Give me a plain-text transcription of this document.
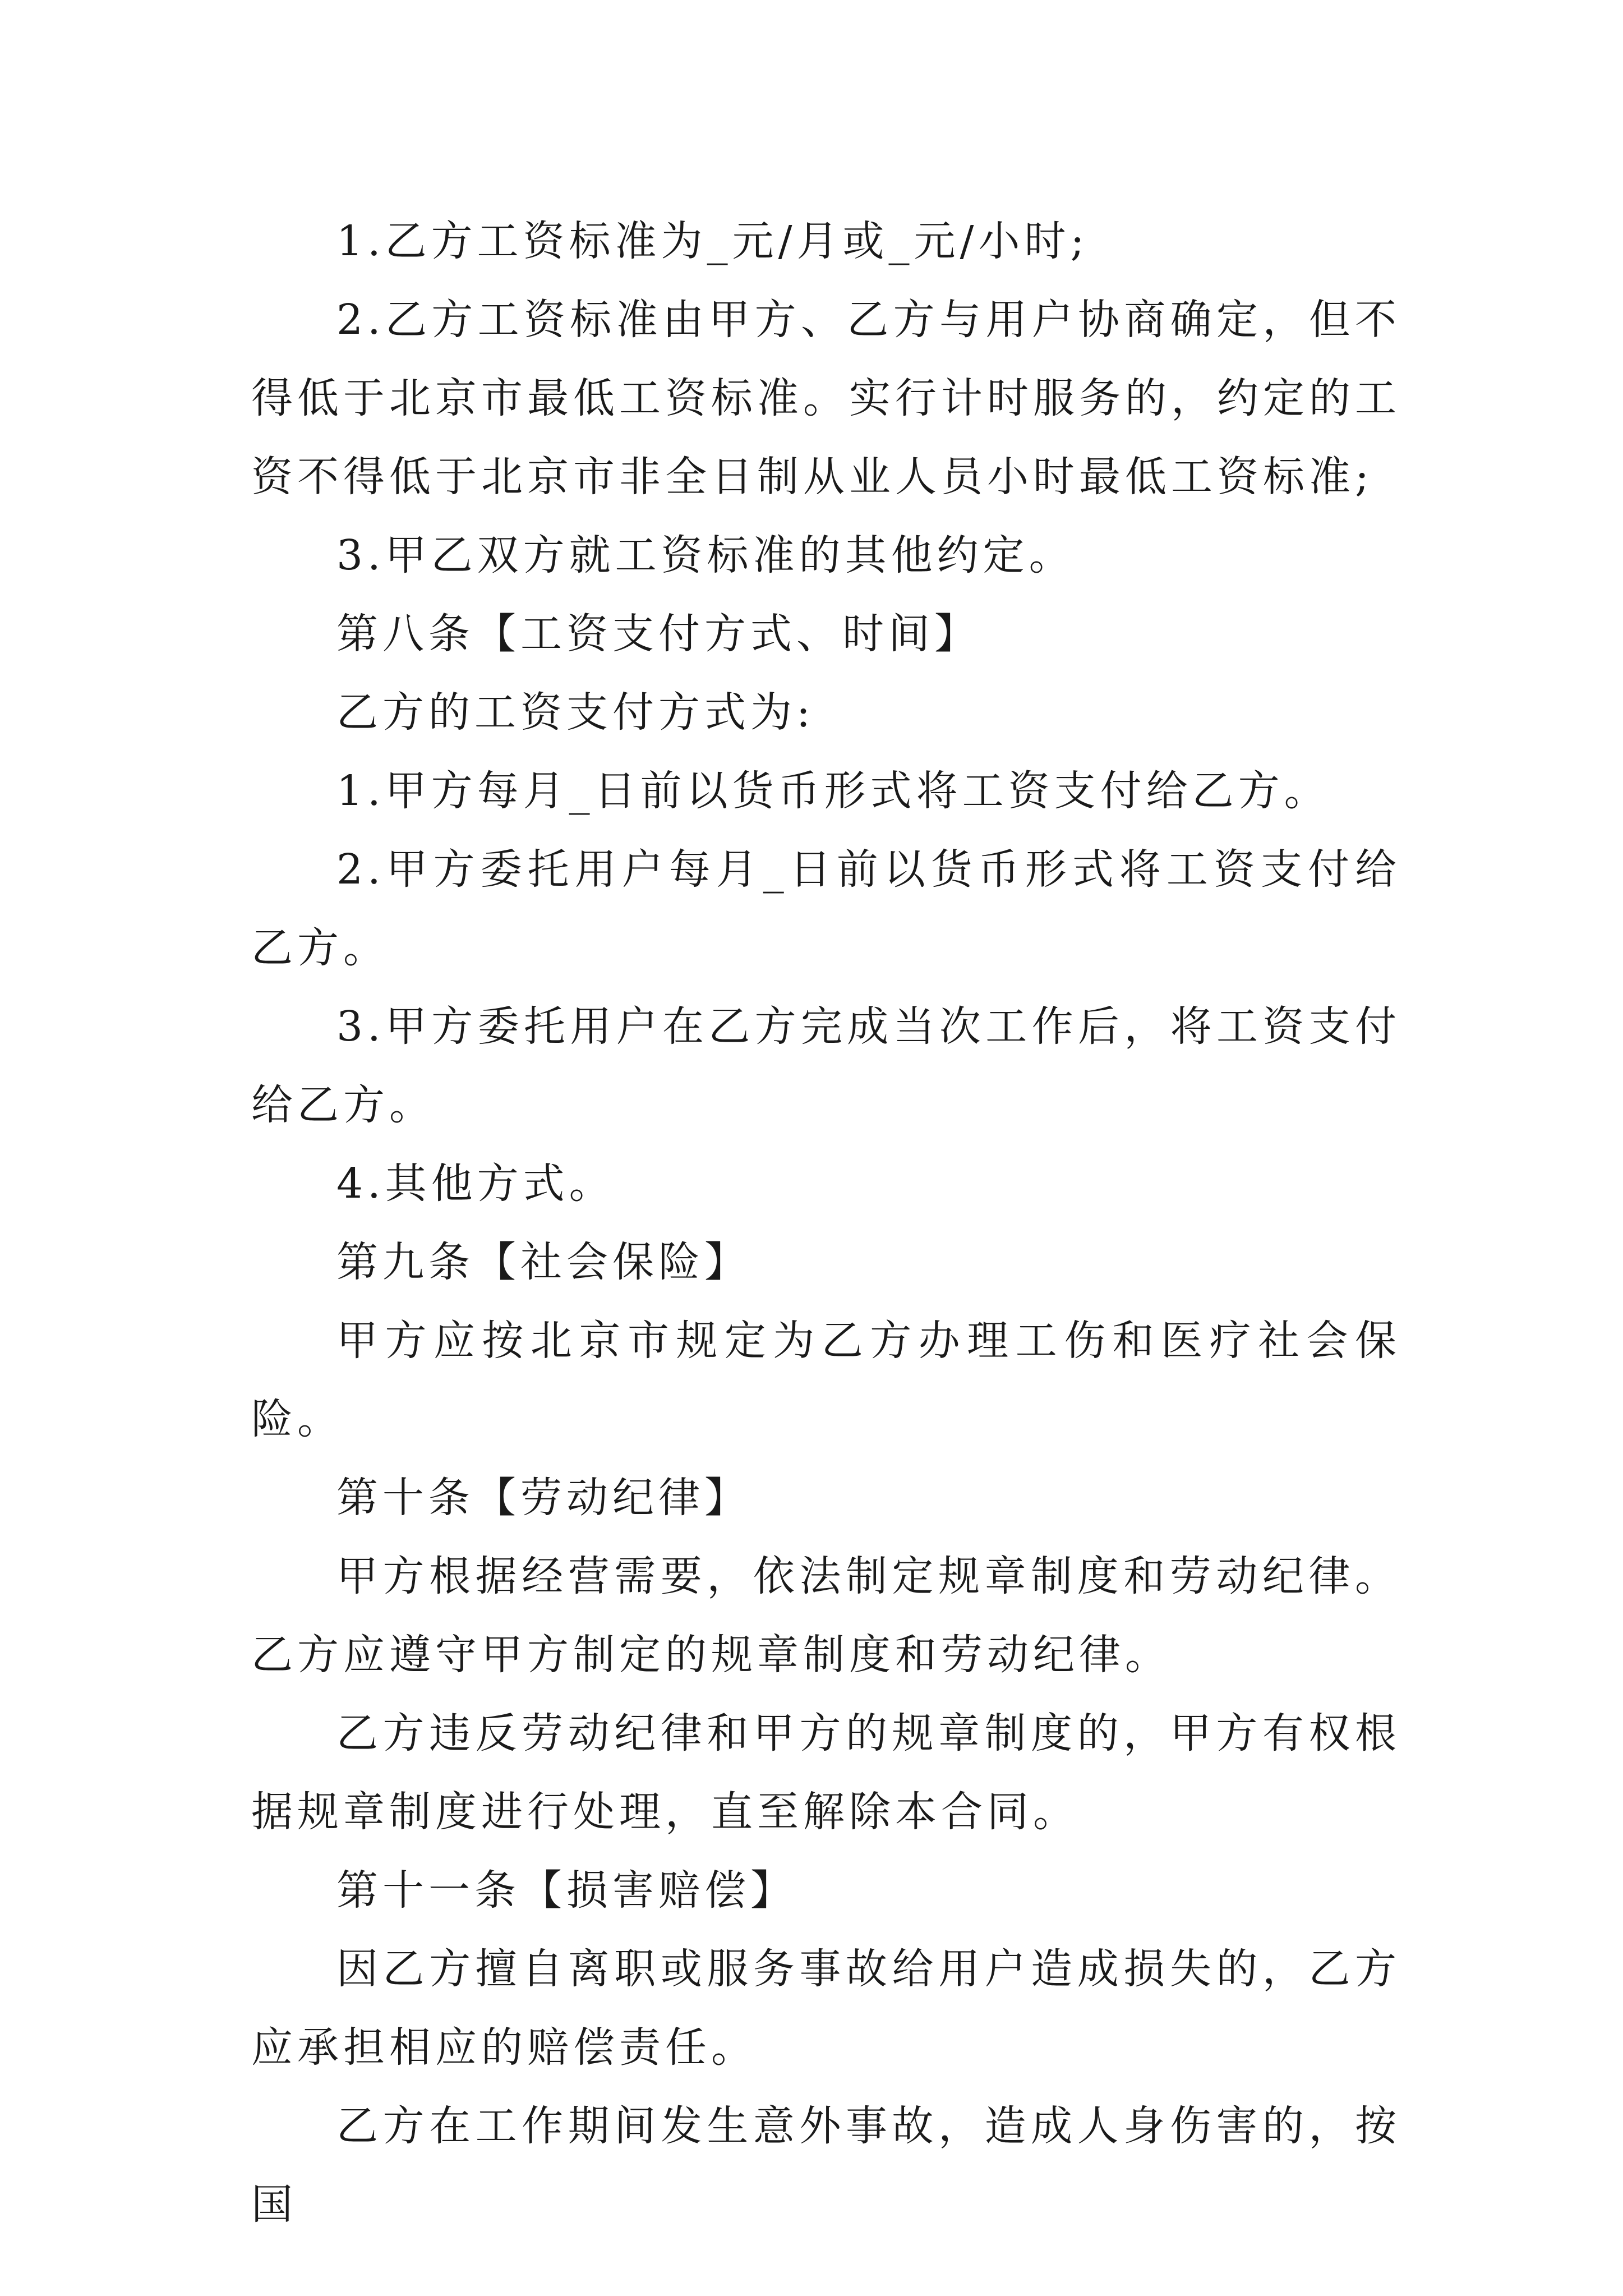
1.乙方工资标准为_元/月或_元/小时;

2.乙方工资标准由甲方、乙方与用户协商确定，但不得低于北京市最低工资标准。实行计时服务的，约定的工资不得低于北京市非全日制从业人员小时最低工资标准;

3.甲乙双方就工资标准的其他约定。

第八条【工资支付方式、时间】

乙方的工资支付方式为:

1.甲方每月_日前以货币形式将工资支付给乙方。

2.甲方委托用户每月_日前以货币形式将工资支付给乙方。

3.甲方委托用户在乙方完成当次工作后，将工资支付给乙方。

4.其他方式。

第九条【社会保险】

甲方应按北京市规定为乙方办理工伤和医疗社会保险。

第十条【劳动纪律】

甲方根据经营需要，依法制定规章制度和劳动纪律。乙方应遵守甲方制定的规章制度和劳动纪律。

乙方违反劳动纪律和甲方的规章制度的，甲方有权根据规章制度进行处理，直至解除本合同。

第十一条【损害赔偿】

因乙方擅自离职或服务事故给用户造成损失的，乙方应承担相应的赔偿责任。

乙方在工作期间发生意外事故，造成人身伤害的，按国
